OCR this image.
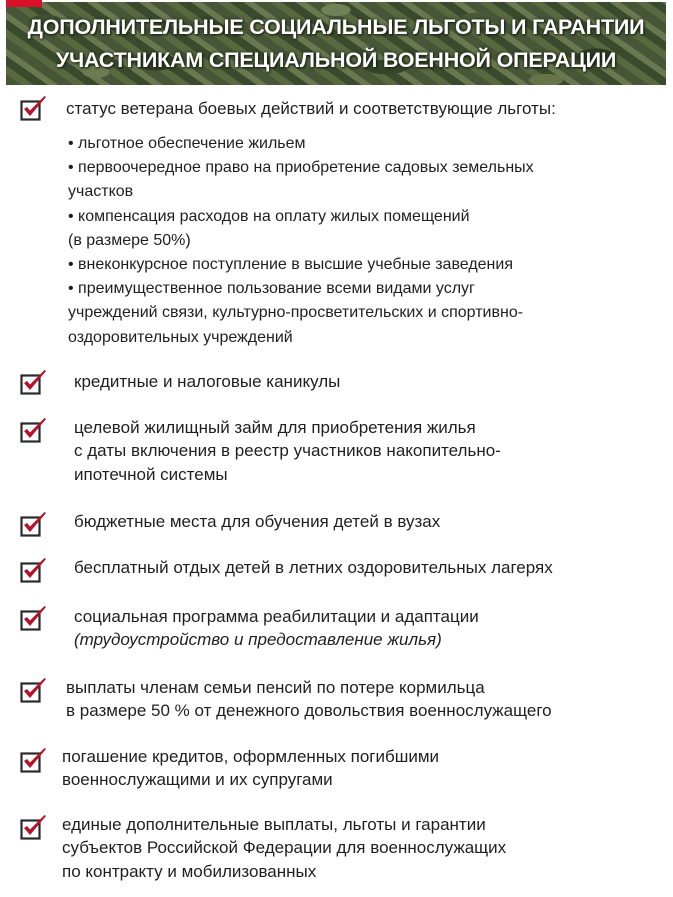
ДОПОЛНИТЕЛЬНЫЕ СОЦИАЛЬНЫЕ ЛЬГОТЫ И ГАРАНТИИ
УЧАСТНИКАМ СПЕЦИАЛЬНОЙ ВОЕННОЙ ОПЕРАЦИИ
статус ветерана боевых действий и соответствующие льготы:
• льготное обеспечение жильем
• первоочередное право на приобретение садовых земельных
участков
• компенсация расходов на оплату жилых помещений
(в размере 50%)
• внеконкурсное поступление в высшие учебные заведения
• преимущественное пользование всеми видами услуг
учреждений связи, культурно-просветительских и спортивно-
оздоровительных учреждений
кредитные и налоговые каникулы
целевой жилищный займ для приобретения жилья
с даты включения в реестр участников накопительно-
ипотечной системы
бюджетные места для обучения детей в вузах
бесплатный отдых детей в летних оздоровительных лагерях
социальная программа реабилитации и адаптации
(трудоустройство и предоставление жилья)
выплаты членам семьи пенсий по потере кормильца
в размере 50 % от денежного довольствия военнослужащего
погашение кредитов, оформленных погибшими
военнослужащими и их супругами
единые дополнительные выплаты, льготы и гарантии
субъектов Российской Федерации для военнослужащих
по контракту и мобилизованных
